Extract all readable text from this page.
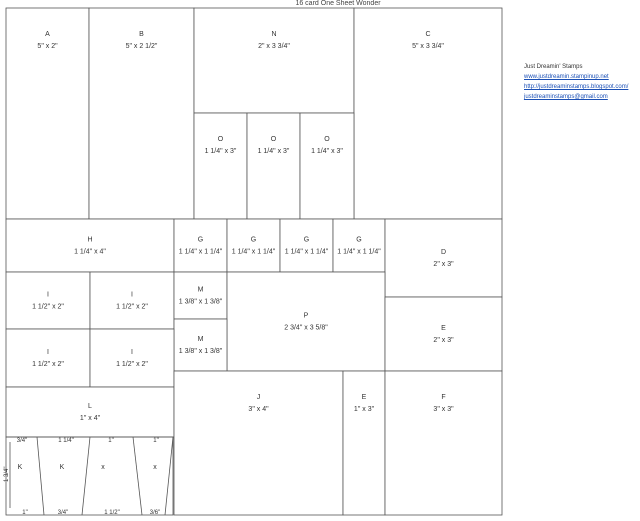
16 card One Sheet Wonder
A
5" x 2"
B
5" x 2 1/2"
N
2" x 3 3/4"
C
5" x 3 3/4"
O
1 1/4" x 3"
O
1 1/4" x 3"
O
1 1/4" x 3"
H
1 1/4" x 4"
G
1 1/4" x 1 1/4"
G
1 1/4" x 1 1/4"
G
1 1/4" x 1 1/4"
G
1 1/4" x 1 1/4"	D
2" x 3"
I
1 1/2" x 2"
I
1 1/2" x 2"
M
1 3/8" x 1 3/8"
P
2 3/4" x 3 5/8"	E
2" x 3"
M
1 3/8" x 1 3/8"
I
1 1/2" x 2"
I
1 1/2" x 2"
L
1" x 4"
J
3" x 4"
E
1" x 3"
F
3" x 3"
K	K	x	x
3/4"	1 1/4"	1"	1"
1"	3/4"	1 1/2"	3/6"
1 3/4"
Just Dreamin' Stamps
www.justdreamin.stampinup.net
http://justdreaminstamps.blogspot.com/
justdreaminstamps@gmail.com
